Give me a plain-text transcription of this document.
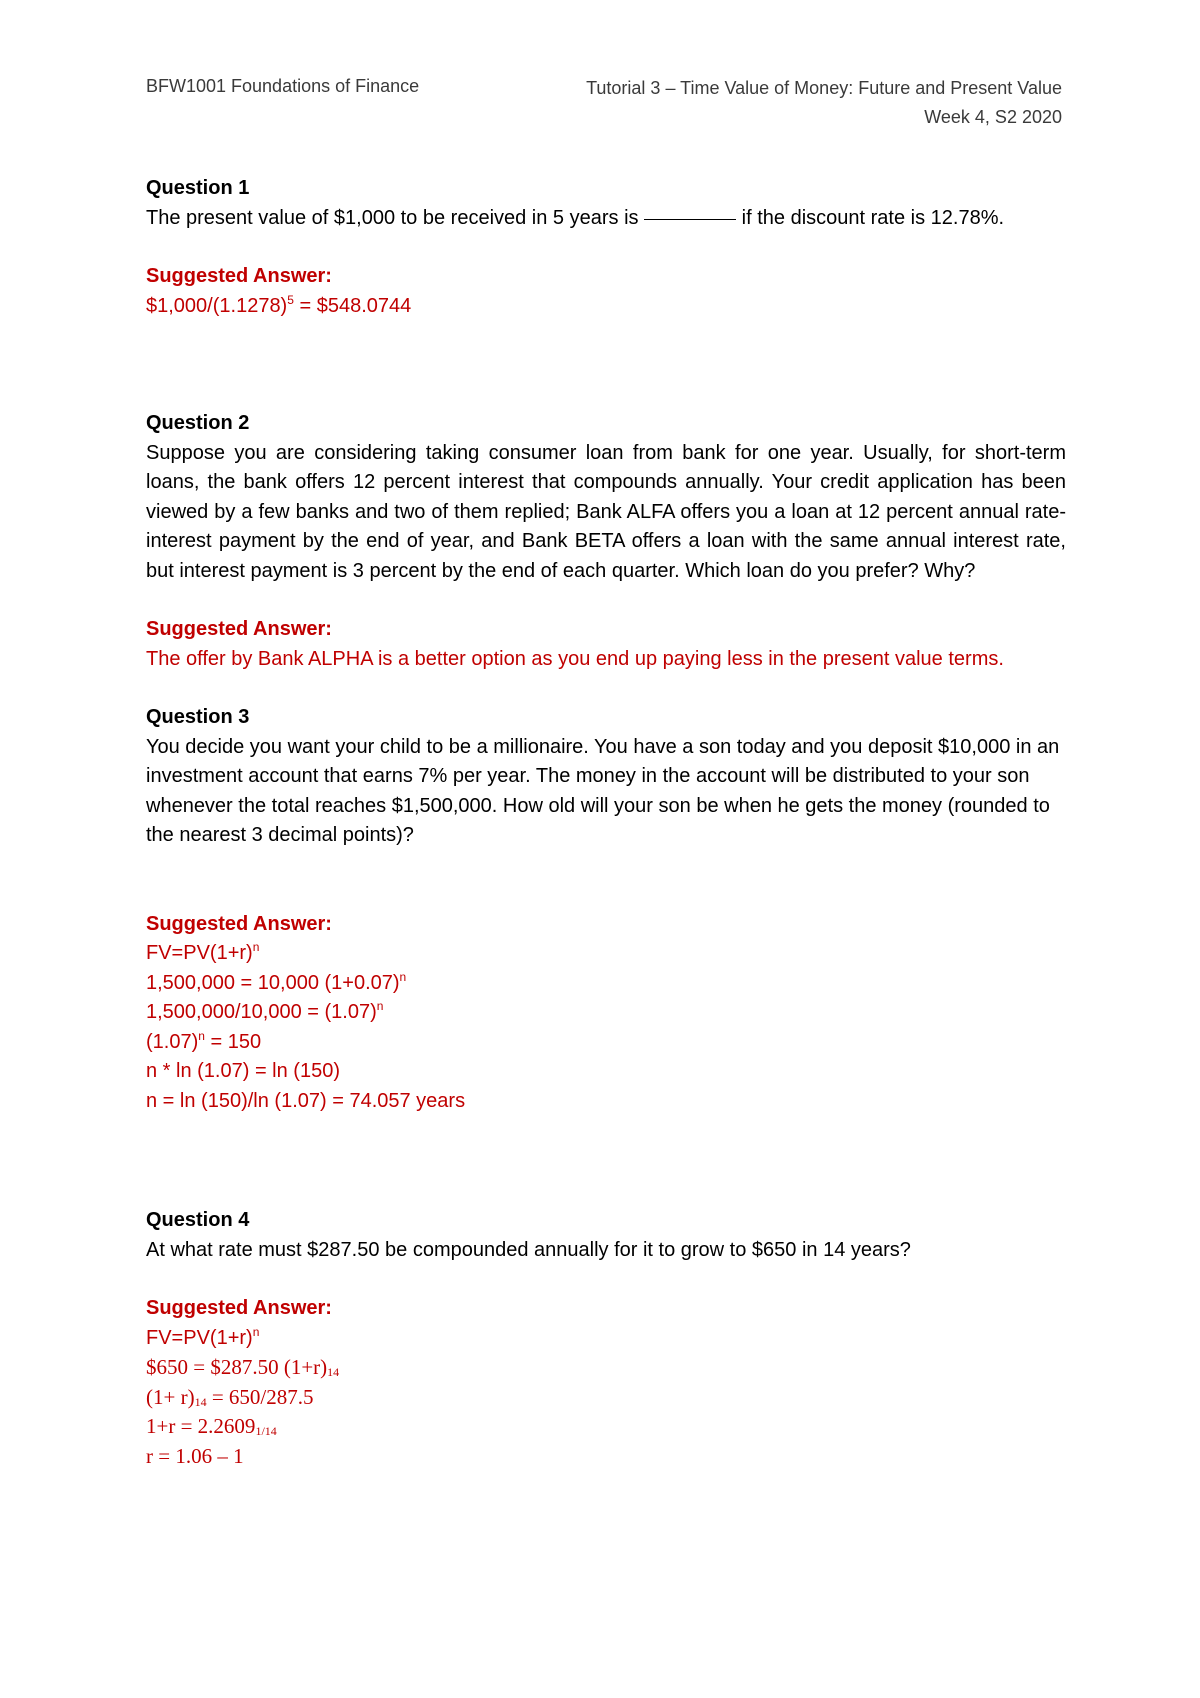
BFW1001 Foundations of Finance	Tutorial 3 – Time Value of Money: Future and Present Value
Week 4, S2 2020

Question 1

The present value of $1,000 to be received in 5 years is	if the discount rate is 12.78%.

Suggested Answer:

$\$1,000/(1.1278)^5$ = $548.0744

Question 2

Suppose you are considering taking consumer loan from bank for one year. Usually, for short-term loans, the bank offers 12 percent interest that compounds annually. Your credit application has been viewed by a few banks and two of them replied; Bank ALFA offers you a loan at 12 percent annual rate-interest payment by the end of year, and Bank BETA offers a loan with the same annual interest rate, but interest payment is 3 percent by the end of each quarter. Which loan do you prefer? Why?

Suggested Answer:

The offer by Bank ALPHA is a better option as you end up paying less in the present value terms.

Question 3

You decide you want your child to be a millionaire. You have a son today and you deposit $10,000 in an investment account that earns 7% per year. The money in the account will be distributed to your son whenever the total reaches $1,500,000. How old will your son be when he gets the money (rounded to the nearest 3 decimal points)?

Suggested Answer:

$FV=PV(1+r)^n$

1,500,000 = 10,000 $(1+0.07)^n$

$1,500,000/10,000 = (1.07)^n$

$(1.07)^n = 150$

n * ln (1.07) = ln (150)

n = ln (150)/ln (1.07) = 74.057 years

Question 4

At what rate must $287.50 be compounded annually for it to grow to $650 in 14 years?

Suggested Answer:

$FV=PV(1+r)^n$

$650 = $287.50 $(1+r)_{14}$

$(1+ r)_{14} = 650/287.5$

$1+r = 2.2609_{1/14}$

r = 1.06 – 1
